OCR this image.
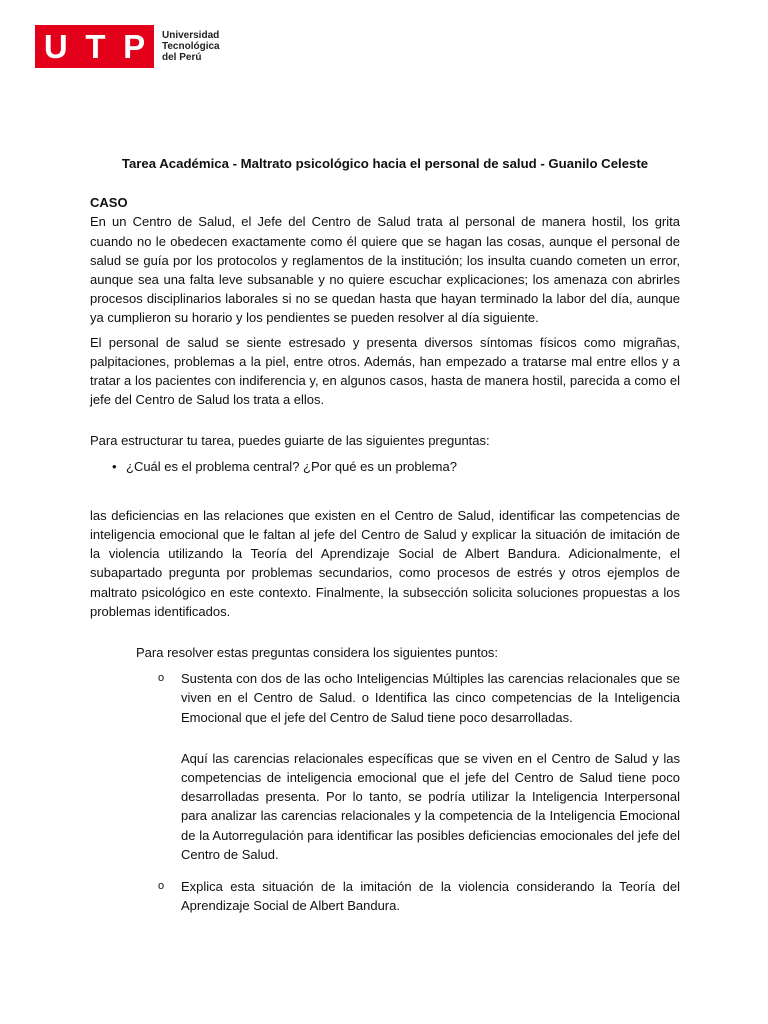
U T P Universidad
Tecnológica
del Perú

Tarea Académica - Maltrato psicológico hacia el personal de salud - Guanilo Celeste

CASO

En un Centro de Salud, el Jefe del Centro de Salud trata al personal de manera hostil, los grita cuando no le obedecen exactamente como él quiere que se hagan las cosas, aunque el personal de salud se guía por los protocolos y reglamentos de la institución; los insulta cuando cometen un error, aunque sea una falta leve subsanable y no quiere escuchar explicaciones; los amenaza con abrirles procesos disciplinarios laborales si no se quedan hasta que hayan terminado la labor del día, aunque ya cumplieron su horario y los pendientes se pueden resolver al día siguiente.

El personal de salud se siente estresado y presenta diversos síntomas físicos como migrañas, palpitaciones, problemas a la piel, entre otros. Además, han empezado a tratarse mal entre ellos y a tratar a los pacientes con indiferencia y, en algunos casos, hasta de manera hostil, parecida a como el jefe del Centro de Salud los trata a ellos.

Para estructurar tu tarea, puedes guiarte de las siguientes preguntas:

• ¿Cuál es el problema central? ¿Por qué es un problema?

las deficiencias en las relaciones que existen en el Centro de Salud, identificar las competencias de inteligencia emocional que le faltan al jefe del Centro de Salud y explicar la situación de imitación de la violencia utilizando la Teoría del Aprendizaje Social de Albert Bandura. Adicionalmente, el subapartado pregunta por problemas secundarios, como procesos de estrés y otros ejemplos de maltrato psicológico en este contexto. Finalmente, la subsección solicita soluciones propuestas a los problemas identificados.

Para resolver estas preguntas considera los siguientes puntos:

o Sustenta con dos de las ocho Inteligencias Múltiples las carencias relacionales que se viven en el Centro de Salud. o Identifica las cinco competencias de la Inteligencia Emocional que el jefe del Centro de Salud tiene poco desarrolladas.

Aquí las carencias relacionales específicas que se viven en el Centro de Salud y las competencias de inteligencia emocional que el jefe del Centro de Salud tiene poco desarrolladas presenta. Por lo tanto, se podría utilizar la Inteligencia Interpersonal para analizar las carencias relacionales y la competencia de la Inteligencia Emocional de la Autorregulación para identificar las posibles deficiencias emocionales del jefe del Centro de Salud.

o Explica esta situación de la imitación de la violencia considerando la Teoría del Aprendizaje Social de Albert Bandura.
